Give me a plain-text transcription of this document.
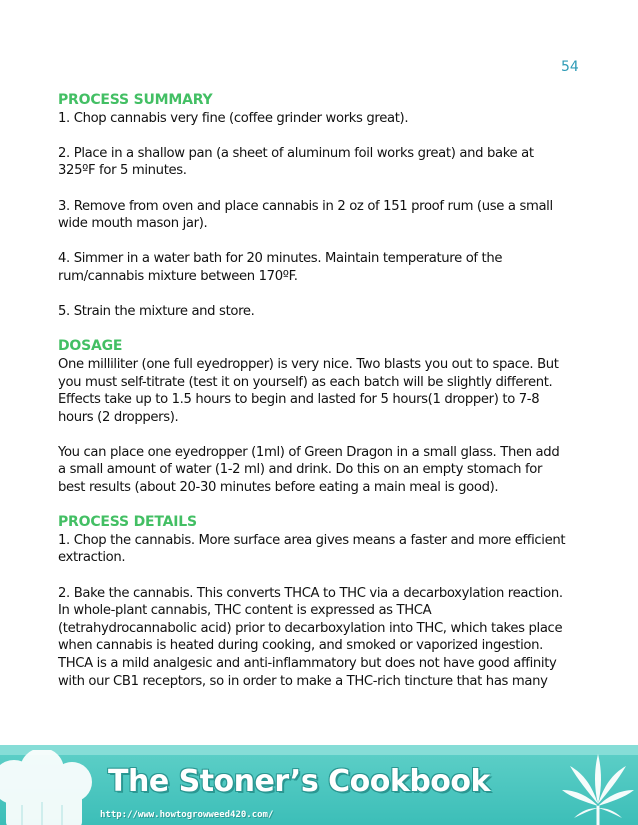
54
PROCESS SUMMARY

1. Chop cannabis very fine (coffee grinder works great).

2. Place in a shallow pan (a sheet of aluminum foil works great) and bake at
325ºF for 5 minutes.

3. Remove from oven and place cannabis in 2 oz of 151 proof rum (use a small
wide mouth mason jar).

4. Simmer in a water bath for 20 minutes. Maintain temperature of the
rum/cannabis mixture between 170ºF.

5. Strain the mixture and store.

DOSAGE

One milliliter (one full eyedropper) is very nice. Two blasts you out to space. But
you must self-titrate (test it on yourself) as each batch will be slightly different.
Effects take up to 1.5 hours to begin and lasted for 5 hours(1 dropper) to 7-8
hours (2 droppers).

You can place one eyedropper (1ml) of Green Dragon in a small glass. Then add
a small amount of water (1-2 ml) and drink. Do this on an empty stomach for
best results (about 20-30 minutes before eating a main meal is good).

PROCESS DETAILS

1. Chop the cannabis. More surface area gives means a faster and more efficient
extraction.

2. Bake the cannabis. This converts THCA to THC via a decarboxylation reaction.
In whole-plant cannabis, THC content is expressed as THCA
(tetrahydrocannabolic acid) prior to decarboxylation into THC, which takes place
when cannabis is heated during cooking, and smoked or vaporized ingestion.
THCA is a mild analgesic and anti-inflammatory but does not have good affinity
with our CB1 receptors, so in order to make a THC-rich tincture that has many

The Stoner’s Cookbook
http://www.howtogrowweed420.com/
